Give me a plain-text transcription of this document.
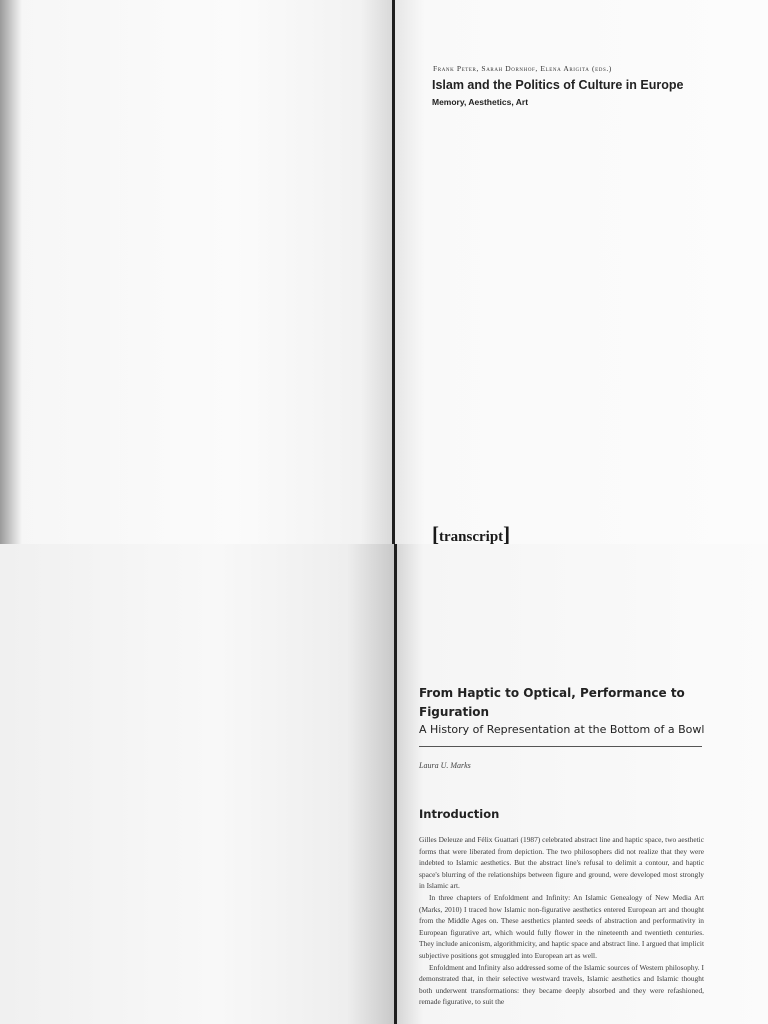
Frank Peter, Sarah Dornhof, Elena Arigita (eds.)
Islam and the Politics of Culture in Europe
Memory, Aesthetics, Art
[transcript]
From Haptic to Optical, Performance to Figuration
A History of Representation at the Bottom of a Bowl
Laura U. Marks
Introduction

Gilles Deleuze and Félix Guattari (1987) celebrated abstract line and haptic space, two aesthetic forms that were liberated from depiction. The two philosophers did not realize that they were indebted to Islamic aesthetics. But the abstract line's refusal to delimit a contour, and haptic space's blurring of the relationships between figure and ground, were developed most strongly in Islamic art.

In three chapters of Enfoldment and Infinity: An Islamic Genealogy of New Media Art (Marks, 2010) I traced how Islamic non-figurative aesthetics entered European art and thought from the Middle Ages on. These aesthetics planted seeds of abstraction and performativity in European figurative art, which would fully flower in the nineteenth and twentieth centuries. They include aniconism, algorithmicity, and haptic space and abstract line. I argued that implicit subjective positions got smuggled into European art as well.

Enfoldment and Infinity also addressed some of the Islamic sources of Western philosophy. I demonstrated that, in their selective westward travels, Islamic aesthetics and Islamic thought both underwent transformations: they became deeply absorbed and they were refashioned, remade figurative, to suit the
